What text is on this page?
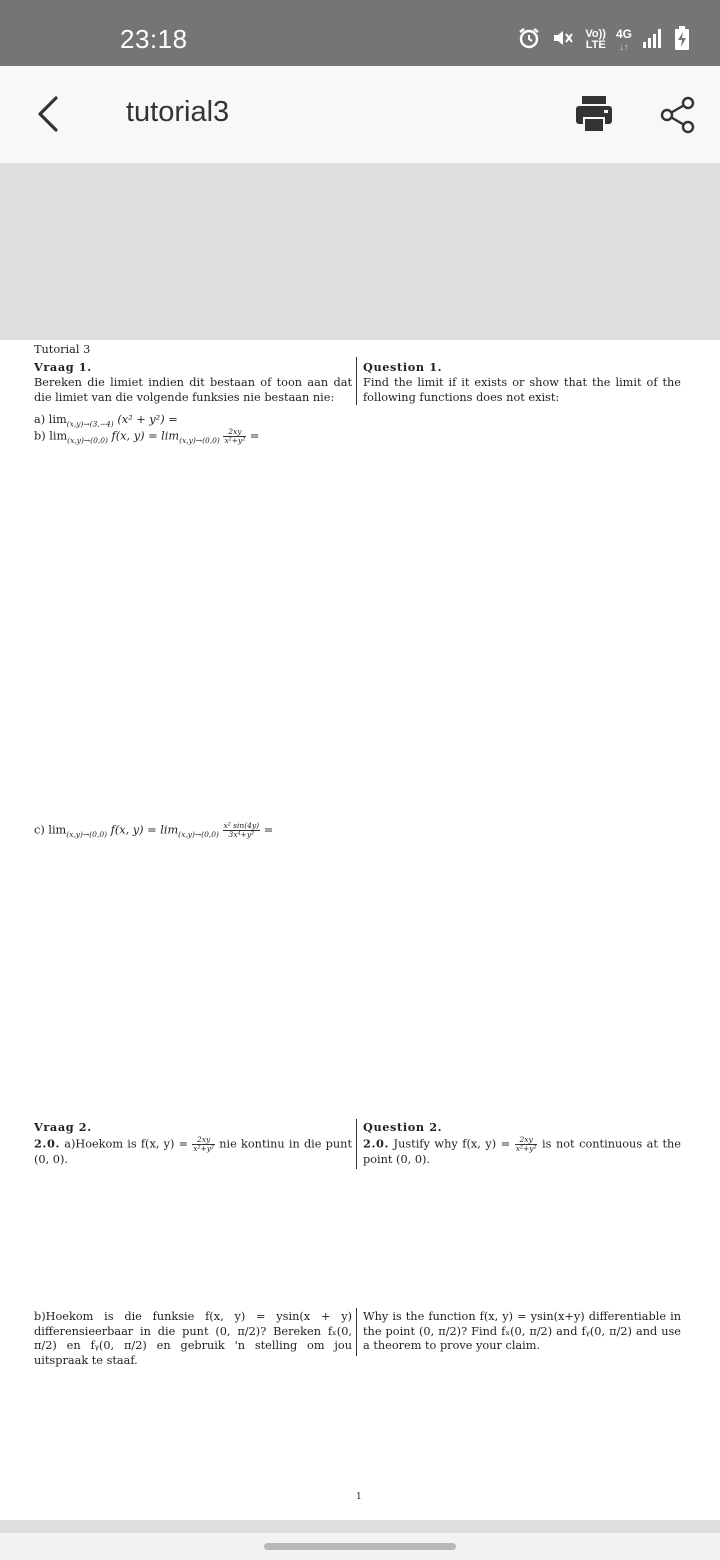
23:18	Vo))
LTE
4G
↓↑
tutorial3
Tutorial 3
Vraag 1.	Question 1.
Bereken die limiet indien dit bestaan of toon aan dat die limiet van die volgende funksies nie bestaan nie:
Find the limit if it exists or show that the limit of the following functions does not exist:
a) $\lim_{(x,y)\to(3,-4)} (x^2 + y^2)$ =
b) $\lim_{(x,y)\to(0,0)} f(x$, $y) = \lim_{(x,y)\to(0,0)} \frac{2xy}{\text{x²+y²}}$ =
c) $\lim_{(x,y)\to(0,0)} f(x$, $y) = \lim_{(x,y)\to(0,0)} \frac{\text{x² sin(4y)}}{\text{3x⁴+y²}}$ =
Vraag 2.	Question 2.
2.0. a)Hoekom is f(x, $y) = \frac{2xy}{\text{x²+y²}}$ nie kontinu in die punt (0, 0).
2.0. Justify why f(x, $y) = \frac{2xy}{\text{x²+y²}}$ is not continuous at the point (0, 0).
b)Hoekom is die funksie f(x, y) = ysin(x + y) differensieerbaar in die punt (0, π/2)? Bereken fₓ(0, π/2) en fᵧ(0, π/2) en gebruik 'n stelling om jou uitspraak te staaf.
Why is the function f(x, y) = ysin(x+y) differentiable in the point (0, π/2)? Find fₓ(0, π/2) and fᵧ(0, π/2) and use a theorem to prove your claim.
1
